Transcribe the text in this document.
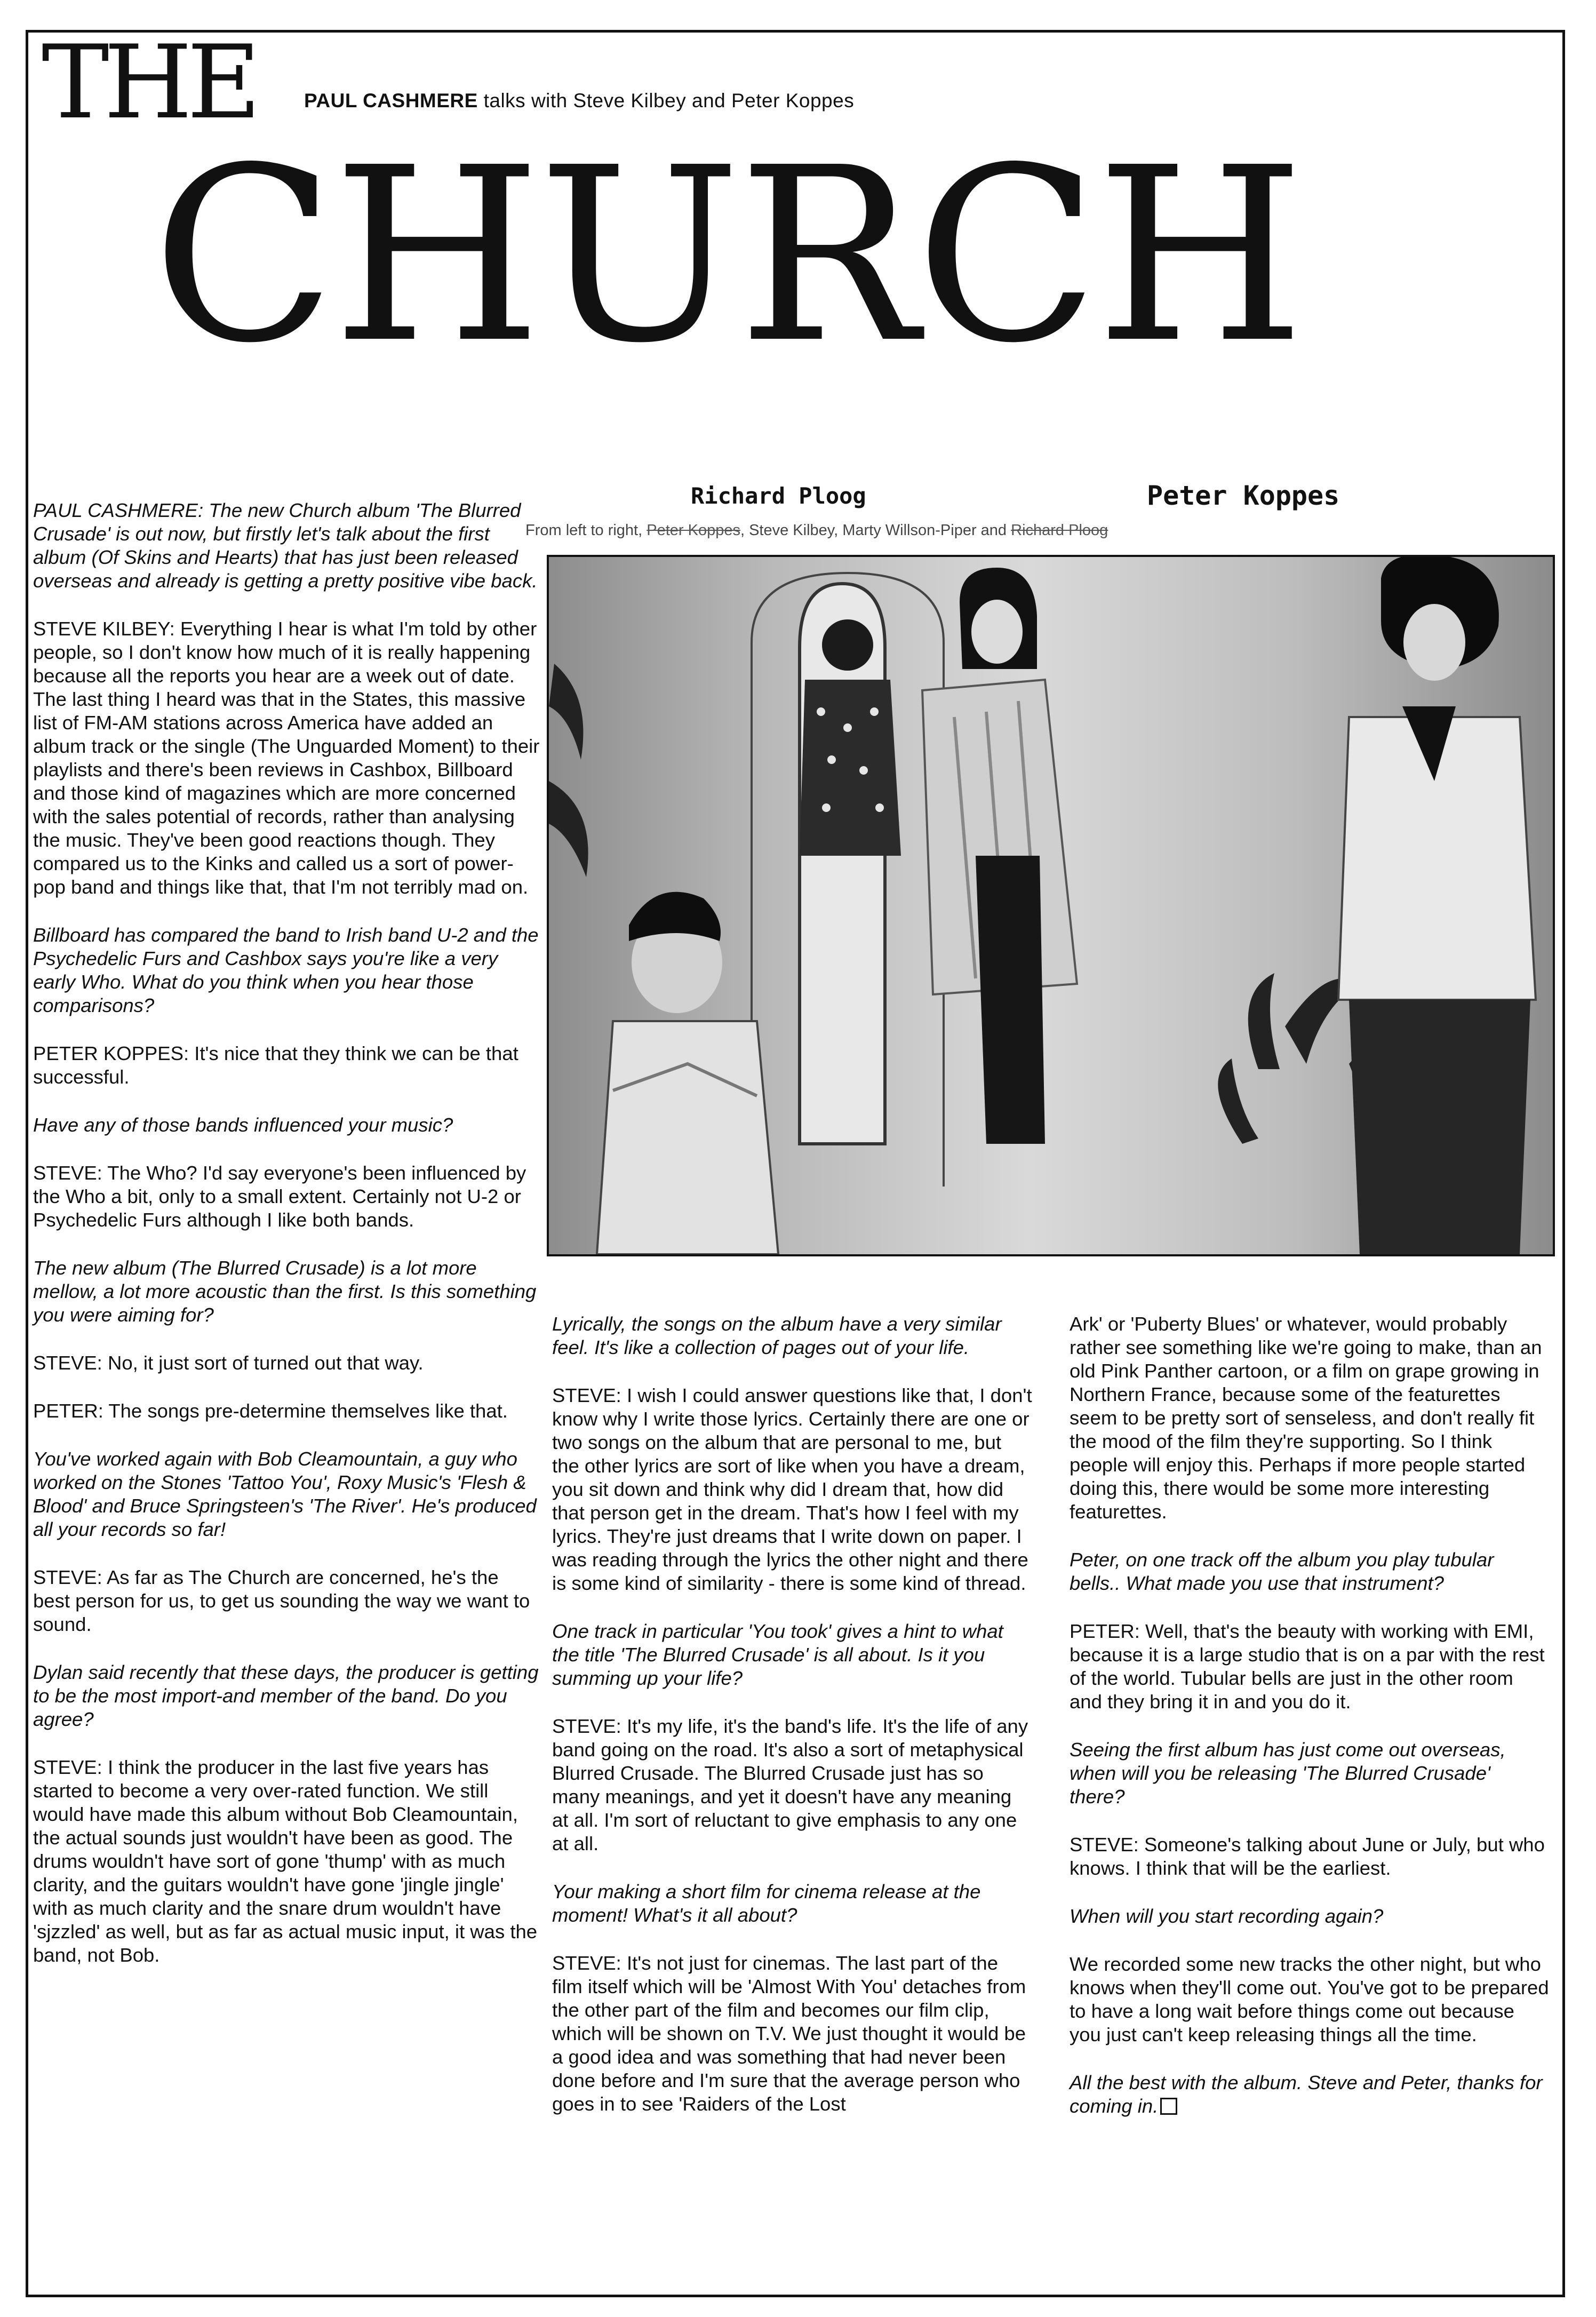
THE PAUL CASHMERE talks with Steve Kilbey and Peter Koppes
CHURCH
Richard Ploog	Peter Koppes
From left to right, Peter Koppes, Steve Kilbey, Marty Willson-Piper and Richard Ploog

PAUL CASHMERE: The new Church album 'The Blurred Crusade' is out now, but firstly let's talk about the first album (Of Skins and Hearts) that has just been released overseas and already is getting a pretty positive vibe back.

STEVE KILBEY: Everything I hear is what I'm told by other people, so I don't know how much of it is really happening because all the reports you hear are a week out of date. The last thing I heard was that in the States, this massive list of FM-AM stations across America have added an album track or the single (The Unguarded Moment) to their playlists and there's been reviews in Cashbox, Billboard and those kind of magazines which are more concerned with the sales potential of records, rather than analysing the music. They've been good reactions though. They compared us to the Kinks and called us a sort of power-pop band and things like that, that I'm not terribly mad on.

Billboard has compared the band to Irish band U-2 and the Psychedelic Furs and Cashbox says you're like a very early Who. What do you think when you hear those comparisons?

PETER KOPPES: It's nice that they think we can be that successful.

Have any of those bands influenced your music?

STEVE: The Who? I'd say everyone's been influenced by the Who a bit, only to a small extent. Certainly not U-2 or Psychedelic Furs although I like both bands.

The new album (The Blurred Crusade) is a lot more mellow, a lot more acoustic than the first. Is this something you were aiming for?

STEVE: No, it just sort of turned out that way.

PETER: The songs pre-determine themselves like that.

You've worked again with Bob Cleamountain, a guy who worked on the Stones 'Tattoo You', Roxy Music's 'Flesh & Blood' and Bruce Springsteen's 'The River'. He's produced all your records so far!

STEVE: As far as The Church are concerned, he's the best person for us, to get us sounding the way we want to sound.

Dylan said recently that these days, the producer is getting to be the most import-and member of the band. Do you agree?

STEVE: I think the producer in the last five years has started to become a very over-rated function. We still would have made this album without Bob Cleamountain, the actual sounds just wouldn't have been as good. The drums wouldn't have sort of gone 'thump' with as much clarity, and the guitars wouldn't have gone 'jingle jingle' with as much clarity and the snare drum wouldn't have 'sjzzled' as well, but as far as actual music input, it was the band, not Bob.

Lyrically, the songs on the album have a very similar feel. It's like a collection of pages out of your life.

STEVE: I wish I could answer questions like that, I don't know why I write those lyrics. Certainly there are one or two songs on the album that are personal to me, but the other lyrics are sort of like when you have a dream, you sit down and think why did I dream that, how did that person get in the dream. That's how I feel with my lyrics. They're just dreams that I write down on paper. I was reading through the lyrics the other night and there is some kind of similarity - there is some kind of thread.

One track in particular 'You took' gives a hint to what the title 'The Blurred Crusade' is all about. Is it you summing up your life?

STEVE: It's my life, it's the band's life. It's the life of any band going on the road. It's also a sort of metaphysical Blurred Crusade. The Blurred Crusade just has so many meanings, and yet it doesn't have any meaning at all. I'm sort of reluctant to give emphasis to any one at all.

Your making a short film for cinema release at the moment! What's it all about?

STEVE: It's not just for cinemas. The last part of the film itself which will be 'Almost With You' detaches from the other part of the film and becomes our film clip, which will be shown on T.V. We just thought it would be a good idea and was something that had never been done before and I'm sure that the average person who goes in to see 'Raiders of the Lost

Ark' or 'Puberty Blues' or whatever, would probably rather see something like we're going to make, than an old Pink Panther cartoon, or a film on grape growing in Northern France, because some of the featurettes seem to be pretty sort of senseless, and don't really fit the mood of the film they're supporting. So I think people will enjoy this. Perhaps if more people started doing this, there would be some more interesting featurettes.

Peter, on one track off the album you play tubular bells.. What made you use that instrument?

PETER: Well, that's the beauty with working with EMI, because it is a large studio that is on a par with the rest of the world. Tubular bells are just in the other room and they bring it in and you do it.

Seeing the first album has just come out overseas, when will you be releasing 'The Blurred Crusade' there?

STEVE: Someone's talking about June or July, but who knows. I think that will be the earliest.

When will you start recording again?

We recorded some new tracks the other night, but who knows when they'll come out. You've got to be prepared to have a long wait before things come out because you just can't keep releasing things all the time.

All the best with the album. Steve and Peter, thanks for coming in.
